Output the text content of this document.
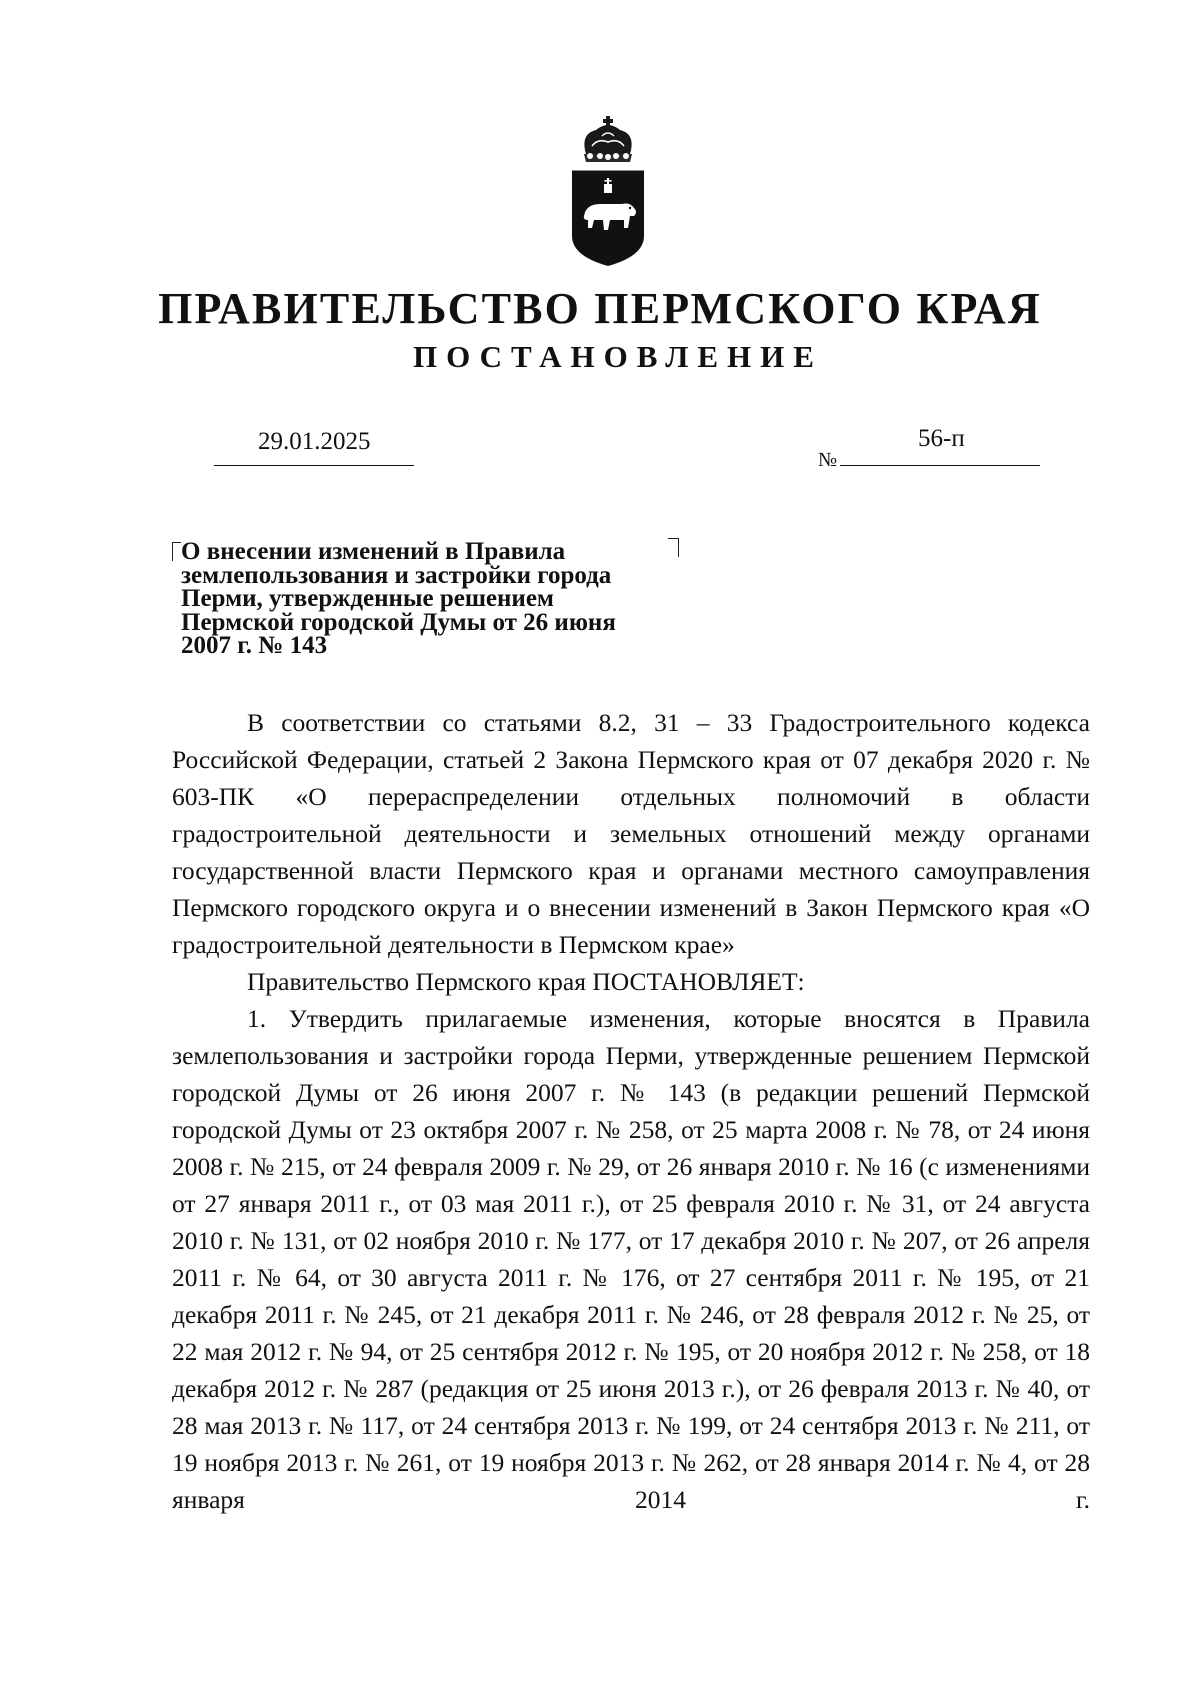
ПРАВИТЕЛЬСТВО ПЕРМСКОГО КРАЯ
ПОСТАНОВЛЕНИЕ
29.01.2025
№
56-п
О внесении изменений в Правила
землепользования и застройки города
Перми, утвержденные решением
Пермской городской Думы от 26 июня
2007 г. № 143

В соответствии со статьями 8.2, 31 – 33 Градостроительного кодекса Российской Федерации, статьей 2 Закона Пермского края от 07 декабря 2020 г. № 603-ПК «О перераспределении отдельных полномочий в области градостроительной деятельности и земельных отношений между органами государственной власти Пермского края и органами местного самоуправления Пермского городского округа и о внесении изменений в Закон Пермского края «О градостроительной деятельности в Пермском крае»

Правительство Пермского края ПОСТАНОВЛЯЕТ:

1. Утвердить прилагаемые изменения, которые вносятся в Правила землепользования и застройки города Перми, утвержденные решением Пермской городской Думы от 26 июня 2007 г. № 143 (в редакции решений Пермской городской Думы от 23 октября 2007 г. № 258, от 25 марта 2008 г. № 78, от 24 июня 2008 г. № 215, от 24 февраля 2009 г. № 29, от 26 января 2010 г. № 16 (с изменениями от 27 января 2011 г., от 03 мая 2011 г.), от 25 февраля 2010 г. № 31, от 24 августа 2010 г. № 131, от 02 ноября 2010 г. № 177, от 17 декабря 2010 г. № 207, от 26 апреля 2011 г. № 64, от 30 августа 2011 г. № 176, от 27 сентября 2011 г. № 195, от 21 декабря 2011 г. № 245, от 21 декабря 2011 г. № 246, от 28 февраля 2012 г. № 25, от 22 мая 2012 г. № 94, от 25 сентября 2012 г. № 195, от 20 ноября 2012 г. № 258, от 18 декабря 2012 г. № 287 (редакция от 25 июня 2013 г.), от 26 февраля 2013 г. № 40, от 28 мая 2013 г. № 117, от 24 сентября 2013 г. № 199, от 24 сентября 2013 г. № 211, от 19 ноября 2013 г. № 261, от 19 ноября 2013 г. № 262, от 28 января 2014 г. № 4, от 28 января 2014 г.
